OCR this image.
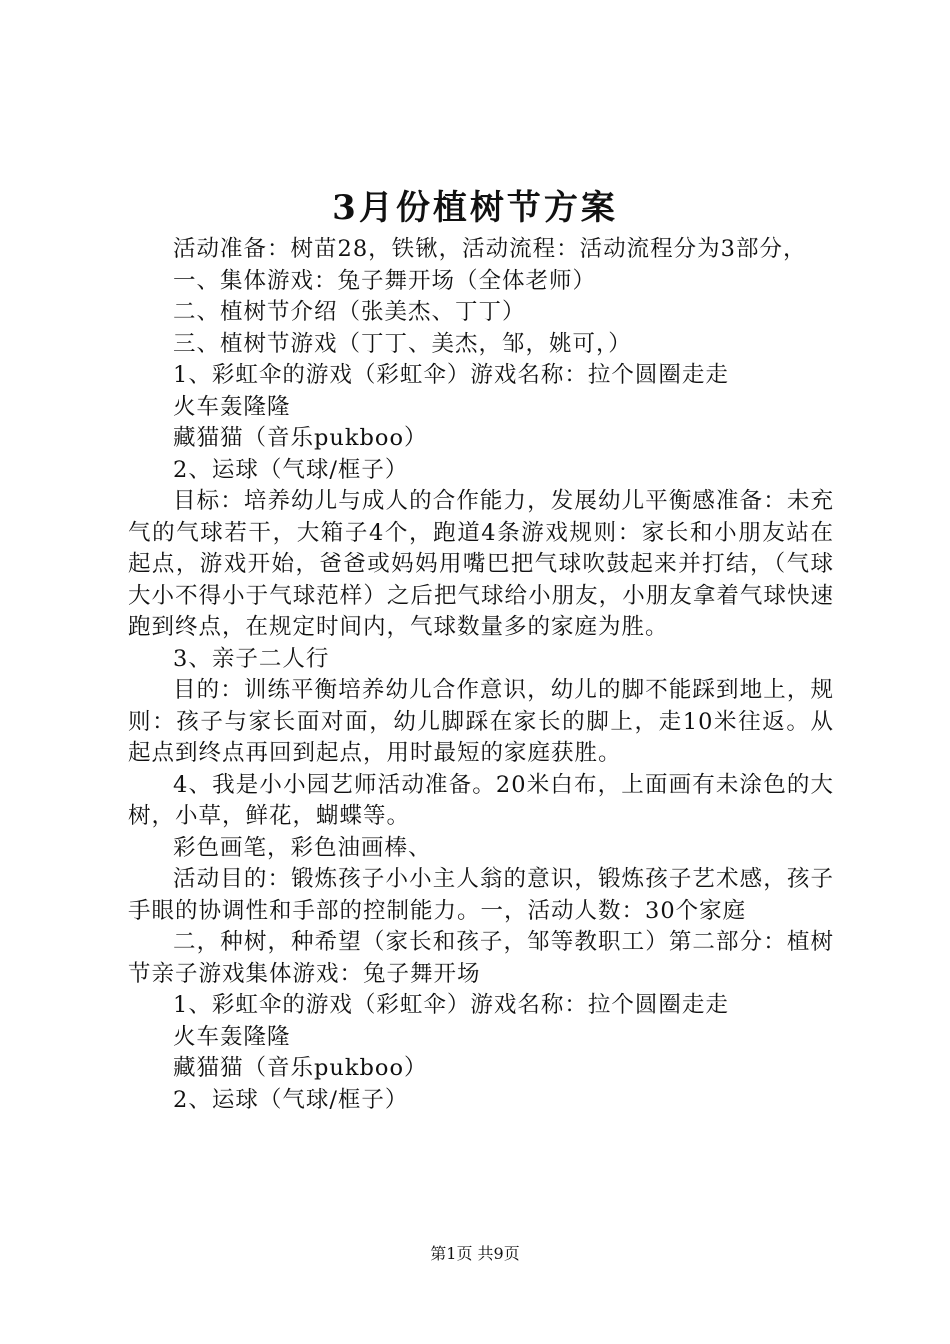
3月份植树节方案

活动准备：树苗28，铁锹，活动流程：活动流程分为3部分，

一、集体游戏：兔子舞开场（全体老师）

二、植树节介绍（张美杰、丁丁）

三、植树节游戏（丁丁、美杰，邹，姚可，）

1、彩虹伞的游戏（彩虹伞）游戏名称：拉个圆圈走走

火车轰隆隆

藏猫猫（音乐pukboo）

2、运球（气球/框子）

目标：培养幼儿与成人的合作能力，发展幼儿平衡感准备：未充气的气球若干，大箱子4个，跑道4条游戏规则：家长和小朋友站在起点，游戏开始，爸爸或妈妈用嘴巴把气球吹鼓起来并打结，（气球大小不得小于气球范样）之后把气球给小朋友，小朋友拿着气球快速跑到终点，在规定时间内，气球数量多的家庭为胜。

3、亲子二人行

目的：训练平衡培养幼儿合作意识，幼儿的脚不能踩到地上，规则：孩子与家长面对面，幼儿脚踩在家长的脚上，走10米往返。从起点到终点再回到起点，用时最短的家庭获胜。

4、我是小小园艺师活动准备。20米白布，上面画有未涂色的大树，小草，鲜花，蝴蝶等。

彩色画笔，彩色油画棒、

活动目的：锻炼孩子小小主人翁的意识，锻炼孩子艺术感，孩子手眼的协调性和手部的控制能力。一，活动人数：30个家庭

二，种树，种希望（家长和孩子，邹等教职工）第二部分：植树节亲子游戏集体游戏：兔子舞开场

1、彩虹伞的游戏（彩虹伞）游戏名称：拉个圆圈走走

火车轰隆隆

藏猫猫（音乐pukboo）

2、运球（气球/框子）

第1页 共9页
